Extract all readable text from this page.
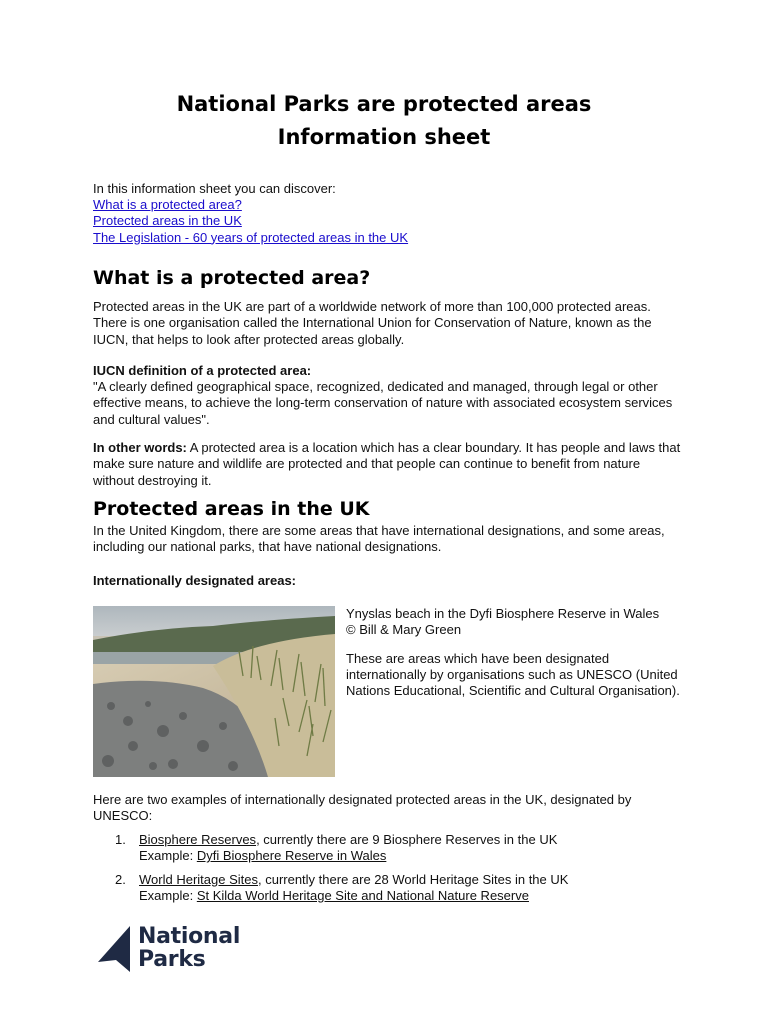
National Parks are protected areas
Information sheet
In this information sheet you can discover:
What is a protected area?
Protected areas in the UK
The Legislation - 60 years of protected areas in the UK
What is a protected area?
Protected areas in the UK are part of a worldwide network of more than 100,000 protected areas. There is one organisation called the International Union for Conservation of Nature, known as the IUCN, that helps to look after protected areas globally.
IUCN definition of a protected area:
"A clearly defined geographical space, recognized, dedicated and managed, through legal or other effective means, to achieve the long-term conservation of nature with associated ecosystem services and cultural values".
In other words: A protected area is a location which has a clear boundary. It has people and laws that make sure nature and wildlife are protected and that people can continue to benefit from nature without destroying it.
Protected areas in the UK
In the United Kingdom, there are some areas that have international designations, and some areas, including our national parks, that have national designations.
Internationally designated areas:
Ynyslas beach in the Dyfi Biosphere Reserve in Wales
© Bill & Mary Green
These are areas which have been designated internationally by organisations such as UNESCO (United Nations Educational, Scientific and Cultural Organisation).
Here are two examples of internationally designated protected areas in the UK, designated by UNESCO:
1. Biosphere Reserves, currently there are 9 Biosphere Reserves in the UK
Example: Dyfi Biosphere Reserve in Wales
2. World Heritage Sites, currently there are 28 World Heritage Sites in the UK
Example: St Kilda World Heritage Site and National Nature Reserve
National
Parks
